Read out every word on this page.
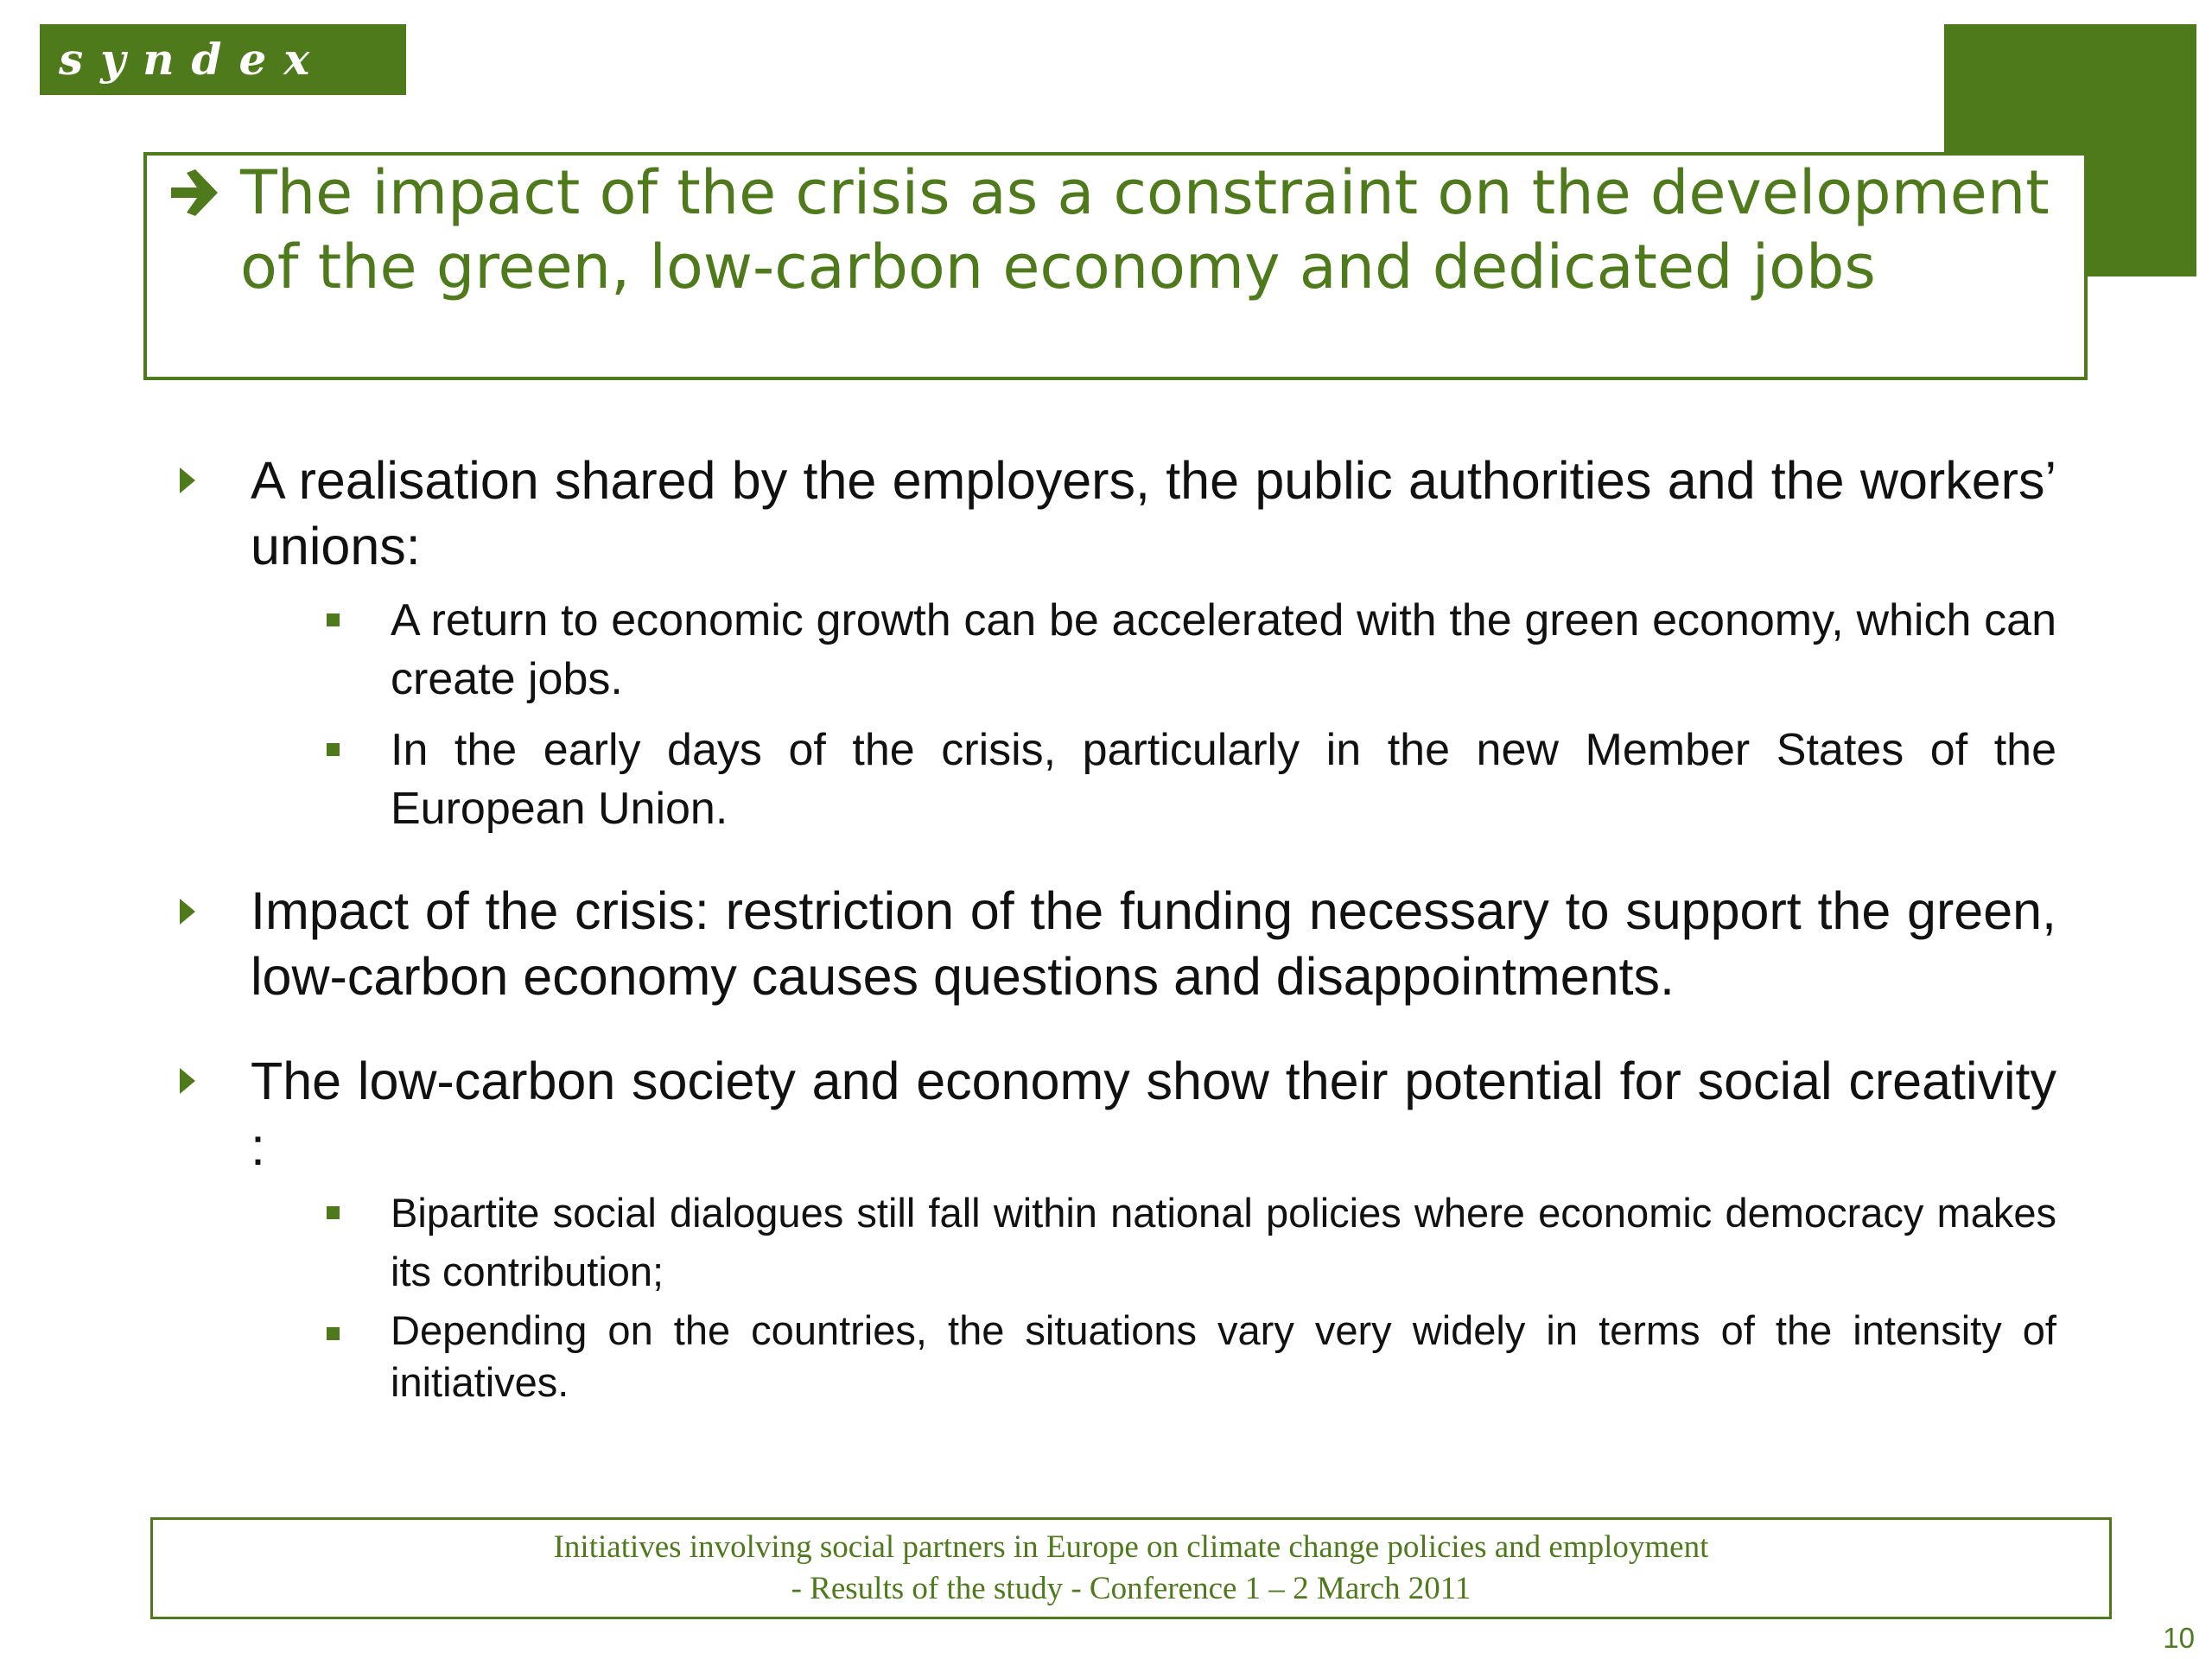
syndex
The impact of the crisis as a constraint on the development of the green, low-carbon economy and dedicated jobs
A realisation shared by the employers, the public authorities and the workers’ unions:
A return to economic growth can be accelerated with the green economy, which can create jobs.
In the early days of the crisis, particularly in the new Member States of the European Union.
Impact of the crisis: restriction of the funding necessary to support the green, low-carbon economy causes questions and disappointments.
The low-carbon society and economy show their potential for social creativity :
Bipartite social dialogues still fall within national policies where economic democracy makes its contribution;
Depending on the countries, the situations vary very widely in terms of the intensity of initiatives.
Initiatives involving social partners in Europe on climate change policies and employment
- Results of the study - Conference 1 – 2 March 2011
10
